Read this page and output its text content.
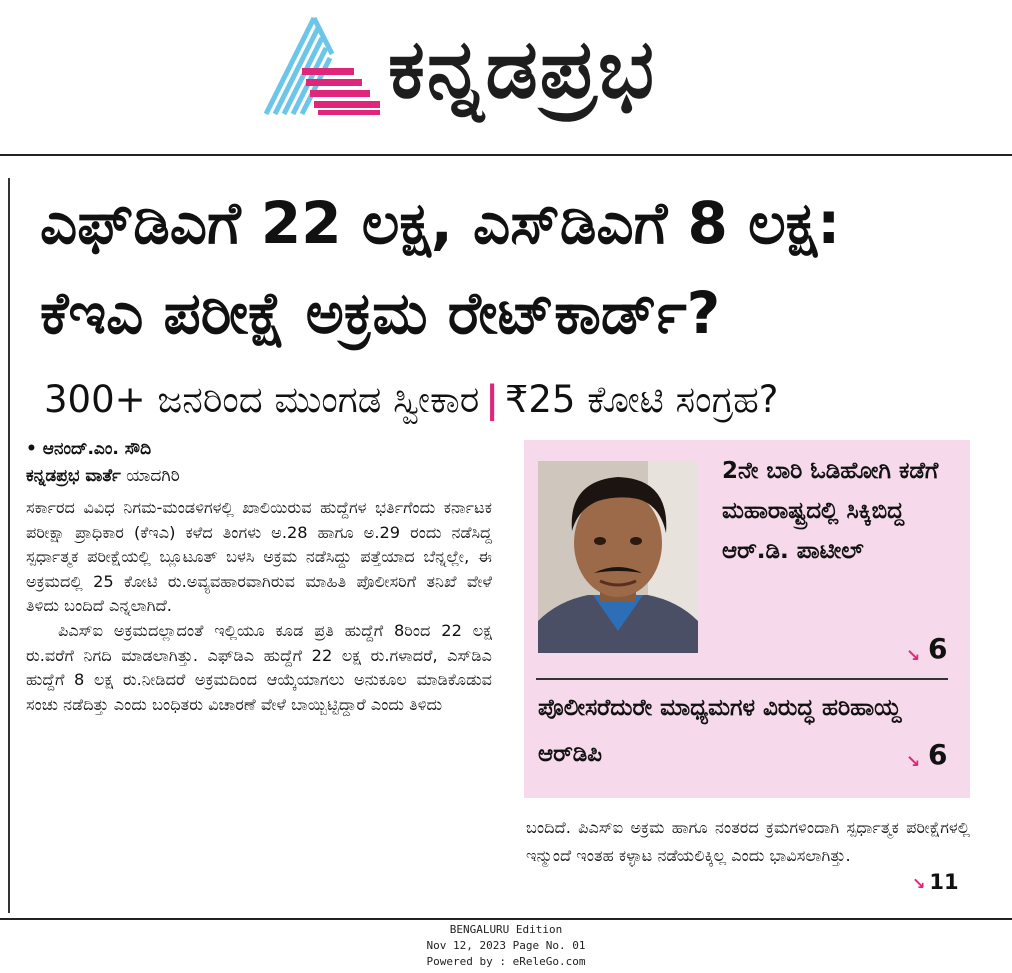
ಕನ್ನಡಪ್ರಭ
ಎಫ್‌ಡಿಎಗೆ 22 ಲಕ್ಷ, ಎಸ್‌ಡಿಎಗೆ 8 ಲಕ್ಷ:
ಕೆಇಎ ಪರೀಕ್ಷೆ ಅಕ್ರಮ ರೇಟ್‌ಕಾರ್ಡ್‌?
300+ ಜನರಿಂದ ಮುಂಗಡ ಸ್ವೀಕಾರ | ₹25 ಕೋಟಿ ಸಂಗ್ರಹ?
• ಆನಂದ್‌.ಎಂ. ಸೌದಿ
ಕನ್ನಡಪ್ರಭ ವಾರ್ತೆ ಯಾದಗಿರಿ

ಸರ್ಕಾರದ ವಿವಿಧ ನಿಗಮ-ಮಂಡಳಿಗಳಲ್ಲಿ ಖಾಲಿಯಿರುವ ಹುದ್ದೆಗಳ ಭರ್ತಿಗೆಂದು ಕರ್ನಾಟಕ ಪರೀಕ್ಷಾ ಪ್ರಾಧಿಕಾರ (ಕೆಇಎ) ಕಳೆದ ತಿಂಗಳು ಅ.28 ಹಾಗೂ ಅ.29 ರಂದು ನಡೆಸಿದ್ದ ಸ್ಪರ್ಧಾತ್ಮಕ ಪರೀಕ್ಷೆಯಲ್ಲಿ ಬ್ಲೂಟೂತ್‌ ಬಳಸಿ ಅಕ್ರಮ ನಡೆಸಿದ್ದು ಪತ್ತೆಯಾದ ಬೆನ್ನಲ್ಲೇ, ಈ ಅಕ್ರಮದಲ್ಲಿ 25 ಕೋಟಿ ರು.ಅವ್ಯವಹಾರವಾಗಿರುವ ಮಾಹಿತಿ ಪೊಲೀಸರಿಗೆ ತನಿಖೆ ವೇಳೆ ತಿಳಿದು ಬಂದಿದೆ ಎನ್ನಲಾಗಿದೆ.

ಪಿಎಸ್ಐ ಅಕ್ರಮದಲ್ಲಾದಂತೆ ಇಲ್ಲಿಯೂ ಕೂಡ ಪ್ರತಿ ಹುದ್ದೆಗೆ 8ರಿಂದ 22 ಲಕ್ಷ ರು.ವರೆಗೆ ನಿಗದಿ ಮಾಡಲಾಗಿತ್ತು. ಎಫ್‌ಡಿಎ ಹುದ್ದೆಗೆ 22 ಲಕ್ಷ ರು.ಗಳಾದರೆ, ಎಸ್‌ಡಿಎ ಹುದ್ದೆಗೆ 8 ಲಕ್ಷ ರು.ನೀಡಿದರೆ ಅಕ್ರಮದಿಂದ ಆಯ್ಕೆಯಾಗಲು ಅನುಕೂಲ ಮಾಡಿಕೊಡುವ ಸಂಚು ನಡೆದಿತ್ತು ಎಂದು ಬಂಧಿತರು ವಿಚಾರಣೆ ವೇಳೆ ಬಾಯ್ಬಿಟ್ಟಿದ್ದಾರೆ ಎಂದು ತಿಳಿದು

2ನೇ ಬಾರಿ ಓಡಿಹೋಗಿ ಕಡೆಗೆ ಮಹಾರಾಷ್ಟ್ರದಲ್ಲಿ ಸಿಕ್ಕಿಬಿದ್ದ ಆರ್‌.ಡಿ. ಪಾಟೀಲ್‌
↘ 6
ಪೊಲೀಸರೆದುರೇ ಮಾಧ್ಯಮಗಳ ವಿರುದ್ಧ ಹರಿಹಾಯ್ದ ಆರ್‌ಡಿಪಿ	↘ 6

ಬಂದಿದೆ. ಪಿಎಸ್ಐ ಅಕ್ರಮ ಹಾಗೂ ನಂತರದ ಕ್ರಮಗಳಿಂದಾಗಿ ಸ್ಪರ್ಧಾತ್ಮಕ ಪರೀಕ್ಷೆಗಳಲ್ಲಿ ಇನ್ಮುಂದೆ ಇಂತಹ ಕಳ್ಳಾಟ ನಡೆಯಲಿಕ್ಕಿಲ್ಲ ಎಂದು ಭಾವಿಸಲಾಗಿತ್ತು.

↘ 11
BENGALURU Edition
Nov 12, 2023 Page No. 01
Powered by : eReleGo.com
